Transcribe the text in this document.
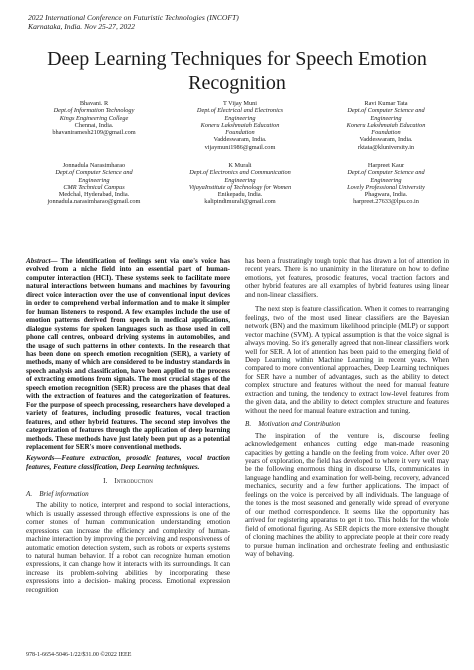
2022 International Conference on Futuristic Technologies (INCOFT)
Karnataka, India. Nov 25-27, 2022
Deep Learning Techniques for Speech Emotion Recognition
Bhavani. R
Dept.of Information Technology
Kings Engineering College
Chennai, India.
bhavaniramesh2109@gmail.com
T Vijay Muni
Dept.of Electrical and Electronics
Engineering
Koneru Lakshmaiah Education
Foundation
Vaddeswaram, India.
vijaymuni1986@gmail.com
Ravi Kumar Tata
Dept.of Computer Science and
Engineering
Koneru Lakshmaiah Education
Foundation
Vaddeswaram, India.
rktata@kluniversity.in
Jonnadula Narasimharao
Dept.of Computer Science and
Engineering
CMR Technical Campus
Medchal, Hyderabad, India.
jonnadula.narasimharao@gmail.com
K Murali
Dept.of Electronics and Communication
Engineering
VijayaInstitute of Technology for Women
Enikepadu, India.
kalipindimurali@gmail.com
Harpreet Kaur
Dept.of Computer Science and
Engineering
Lovely Professional University
Phagwara, India.
harpreet.27633@lpu.co.in

Abstract— The identification of feelings sent via one's voice has evolved from a niche field into an essential part of human-computer interaction (HCI). These systems seek to facilitate more natural interactions between humans and machines by favouring direct voice interaction over the use of conventional input devices in order to comprehend verbal information and to make it simpler for human listeners to respond. A few examples include the use of emotion patterns derived from speech in medical applications, dialogue systems for spoken languages such as those used in cell phone call centres, onboard driving systems in automobiles, and the usage of such patterns in other contexts. In the research that has been done on speech emotion recognition (SER), a variety of methods, many of which are considered to be industry standards in speech analysis and classification, have been applied to the process of extracting emotions from signals. The most crucial stages of the speech emotion recognition (SER) process are the phases that deal with the extraction of features and the categorization of features. For the purpose of speech processing, researchers have developed a variety of features, including prosodic features, vocal traction features, and other hybrid features. The second step involves the categorization of features through the application of deep learning methods. These methods have just lately been put up as a potential replacement for SER's more conventional methods.

Keywords—Feature extraction, prosodic features, vocal traction features, Feature classification, Deep Learning techniques.

I. Introduction

A. Brief information

The ability to notice, interpret and respond to social interactions, which is usually assessed through effective expressions is one of the corner stones of human communication understanding emotion expressions can increase the efficiency and complexity of human- machine interaction by improving the perceiving and responsiveness of automatic emotion detection system, such as robots or experts systems to natural human behavior. If a robot can recognize human emotion expressions, it can change how it interacts with its surroundings. It can increase its problem-solving abilities by incorporating these expressions into a decision- making process. Emotional expression recognition

has been a frustratingly tough topic that has drawn a lot of attention in recent years. There is no unanimity in the literature on how to define emotions, yet features, prosodic features, vocal traction factors and other hybrid features are all examples of hybrid features using linear and non-linear classifiers.

The next step is feature classification. When it comes to rearranging feelings, two of the most used linear classifiers are the Bayesian network (BN) and the maximum likelihood principle (MLP) or support vector machine (SVM). A typical assumption is that the voice signal is always moving. So it's generally agreed that non-linear classifiers work well for SER. A lot of attention has been paid to the emerging field of Deep Learning within Machine Learning in recent years. When compared to more conventional approaches, Deep Learning techniques for SER have a number of advantages, such as the ability to detect complex structure and features without the need for manual feature extraction and tuning, the tendency to extract low-level features from the given data, and the ability to detect complex structure and features without the need for manual feature extraction and tuning.

B. Motivation and Contribution

The inspiration of the venture is, discourse feeling acknowledgement enhances cutting edge man-made reasoning capacities by getting a handle on the feeling from voice. After over 20 years of exploration, the field has developed to where it very well may be the following enormous thing in discourse UIs, communicates in language handling and examination for well-being, recovery, advanced mechanics, security and a few further applications. The impact of feelings on the voice is perceived by all individuals. The language of the tones is the most seasoned and generally wide spread of everyone of our method correspondence. It seems like the opportunity has arrived for registering apparatus to get it too. This holds for the whole field of emotional figuring. As SER depicts the more extensive thought of cloning machines the ability to appreciate people at their core ready to pursue human inclination and orchestrate feeling and enthusiastic way of behaving.

978-1-6654-5046-1/22/$31.00 ©2022 IEEE
